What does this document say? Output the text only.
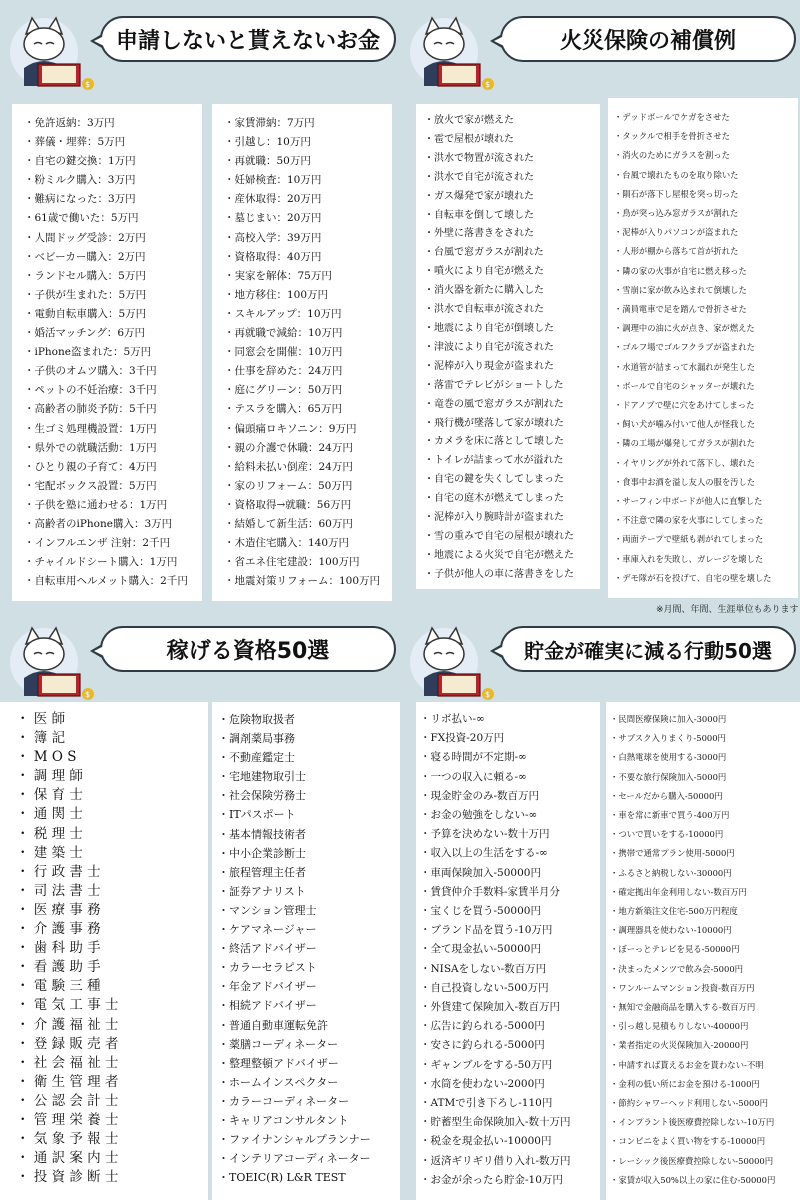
$
申請しないと貰えないお金
・免許返納：3万円
・葬儀・埋葬：5万円
・自宅の鍵交換：1万円
・粉ミルク購入：3万円
・難病になった：3万円
・61歳で働いた：5万円
・人間ドッグ受診：2万円
・ベビーカー購入：2万円
・ランドセル購入：5万円
・子供が生まれた：5万円
・電動自転車購入：5万円
・婚活マッチング：6万円
・iPhone盗まれた：5万円
・子供のオムツ購入：3千円
・ペットの不妊治療：3千円
・高齢者の肺炎予防：5千円
・生ゴミ処理機設置：1万円
・県外での就職活動：1万円
・ひとり親の子育て：4万円
・宅配ボックス設置：5万円
・子供を塾に通わせる：1万円
・高齢者のiPhone購入：3万円
・インフルエンザ 注射：2千円
・チャイルドシート購入：1万円
・自転車用ヘルメット購入：2千円
・家賃滞納：7万円
・引越し：10万円
・再就職：50万円
・妊婦検査：10万円
・産休取得：20万円
・墓じまい：20万円
・高校入学：39万円
・資格取得：40万円
・実家を解体：75万円
・地方移住：100万円
・スキルアップ：10万円
・再就職で減給：10万円
・同窓会を開催：10万円
・仕事を辞めた：24万円
・庭にグリーン：50万円
・テスラを購入：65万円
・偏頭痛ロキソニン：9万円
・親の介護で休職：24万円
・給料未払い倒産：24万円
・家のリフォーム：50万円
・資格取得→就職：56万円
・結婚して新生活：60万円
・木造住宅購入：140万円
・省エネ住宅建設：100万円
・地震対策リフォーム：100万円
$
火災保険の補償例
・放火で家が燃えた
・雹で屋根が壊れた
・洪水で物置が流された
・洪水で自宅が流された
・ガス爆発で家が壊れた
・自転車を倒して壊した
・外壁に落書きをされた
・台風で窓ガラスが割れた
・噴火により自宅が燃えた
・消火器を新たに購入した
・洪水で自転車が流された
・地震により自宅が倒壊した
・津波により自宅が流された
・泥棒が入り現金が盗まれた
・落雷でテレビがショートした
・竜巻の風で窓ガラスが割れた
・飛行機が墜落して家が壊れた
・カメラを床に落として壊した
・トイレが詰まって水が溢れた
・自宅の鍵を失くしてしまった
・自宅の庭木が燃えてしまった
・泥棒が入り腕時計が盗まれた
・雪の重みで自宅の屋根が壊れた
・地震による火災で自宅が燃えた
・子供が他人の車に落書きをした
・デッドボールでケガをさせた
・タックルで相手を骨折させた
・消火のためにガラスを割った
・台風で壊れたものを取り除いた
・隕石が落下し屋根を突っ切った
・鳥が突っ込み窓ガラスが割れた
・泥棒が入りパソコンが盗まれた
・人形が棚から落ちて首が折れた
・隣の家の火事が自宅に燃え移った
・雪崩に家が飲み込まれて倒壊した
・満員電車で足を踏んで骨折させた
・調理中の油に火が点き、家が燃えた
・ゴルフ場でゴルフクラブが盗まれた
・水道管が詰まって水漏れが発生した
・ボールで自宅のシャッターが壊れた
・ドアノブで壁に穴をあけてしまった
・飼い犬が噛み付いて他人が怪我した
・隣の工場が爆発してガラスが割れた
・イヤリングが外れて落下し、壊れた
・食事中お酒を溢し友人の服を汚した
・サーフィン中ボードが他人に直撃した
・不注意で隣の家を火事にしてしまった
・両面テープで壁紙も剥がれてしまった
・車庫入れを失敗し、ガレージを壊した
・デモ隊が石を投げて、自宅の壁を壊した
※月間、年間、生涯単位もあります
$
稼げる資格50選
・ 医 師
・ 簿 記
・ M O S
・ 調 理 師
・ 保 育 士
・ 通 関 士
・ 税 理 士
・ 建 築 士
・ 行 政 書 士
・ 司 法 書 士
・ 医 療 事 務
・ 介 護 事 務
・ 歯 科 助 手
・ 看 護 助 手
・ 電 験 三 種
・ 電 気 工 事 士
・ 介 護 福 祉 士
・ 登 録 販 売 者
・ 社 会 福 祉 士
・ 衛 生 管 理 者
・ 公 認 会 計 士
・ 管 理 栄 養 士
・ 気 象 予 報 士
・ 通 訳 案 内 士
・ 投 資 診 断 士
・危険物取扱者
・調剤薬局事務
・不動産鑑定士
・宅地建物取引士
・社会保険労務士
・ITパスポート
・基本情報技術者
・中小企業診断士
・旅程管理主任者
・証券アナリスト
・マンション管理士
・ケアマネージャー
・終活アドバイザー
・カラーセラピスト
・年金アドバイザー
・相続アドバイザー
・普通自動車運転免許
・薬膳コーディネーター
・整理整頓アドバイザー
・ホームインスペクター
・カラーコーディネーター
・キャリアコンサルタント
・ファイナンシャルプランナー
・インテリアコーディネーター
・TOEIC(R) L&R TEST
$
貯金が確実に減る行動50選
・リボ払い-∞
・FX投資-20万円
・寝る時間が不定期-∞
・一つの収入に頼る-∞
・現金貯金のみ-数百万円
・お金の勉強をしない-∞
・予算を決めない-数十万円
・収入以上の生活をする-∞
・車両保険加入-50000円
・賃貸仲介手数料-家賃半月分
・宝くじを買う-50000円
・ブランド品を買う-10万円
・全て現金払い-50000円
・NISAをしない-数百万円
・自己投資しない-500万円
・外貨建て保険加入-数百万円
・広告に釣られる-5000円
・安さに釣られる-5000円
・ギャンブルをする-50万円
・水筒を使わない-2000円
・ATMで引き下ろし-110円
・貯蓄型生命保険加入-数十万円
・税金を現金払い-10000円
・返済ギリギリ借り入れ-数万円
・お金が余ったら貯金-10万円
・民間医療保険に加入-3000円
・サブスク入りまくり-5000円
・白熱電球を使用する-3000円
・不要な旅行保険加入-5000円
・セールだから購入-50000円
・車を常に新車で買う-400万円
・ついで買いをする-10000円
・携帯で通常プラン使用-5000円
・ふるさと納税しない-30000円
・確定拠出年金利用しない-数百万円
・地方新築注文住宅-500万円程度
・調理器具を使わない-10000円
・ぼーっとテレビを見る-50000円
・決まったメンツで飲み会-5000円
・ワンルームマンション投資-数百万円
・無知で金融商品を購入する-数百万円
・引っ越し見積もりしない-40000円
・業者指定の火災保険加入-20000円
・申請すれば貰えるお金を貰わない-不明
・金利の低い所にお金を預ける-1000円
・節約シャワーヘッド利用しない-5000円
・インプラント後医療費控除しない-10万円
・コンビニをよく買い物をする-10000円
・レーシック後医療費控除しない-50000円
・家賃が収入50%以上の家に住む-50000円
